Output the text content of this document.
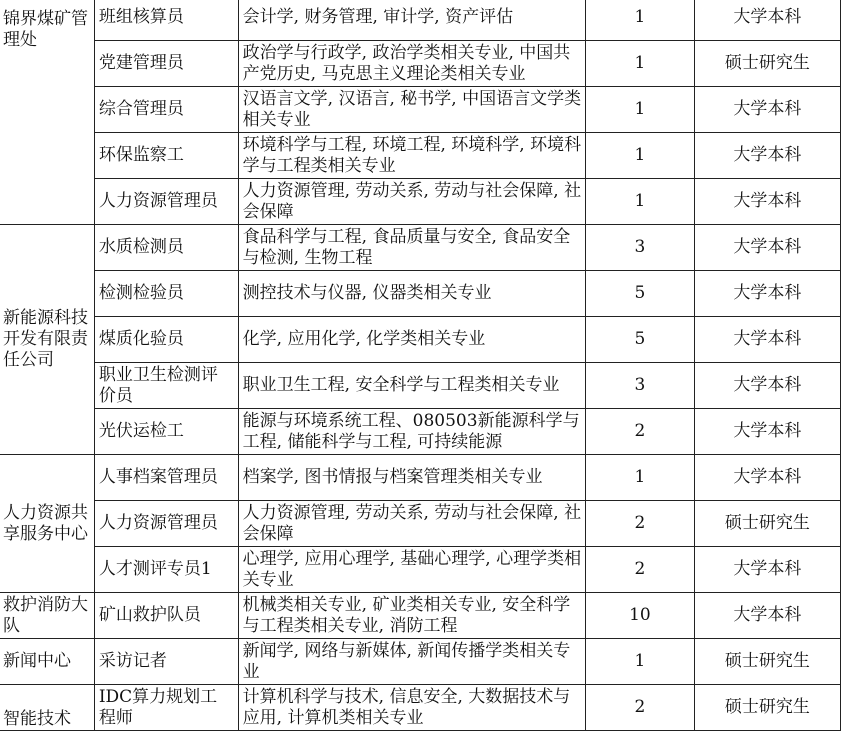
锦界煤矿管理处	班组核算员	会计学, 财务管理, 审计学, 资产评估	1	大学本科
	党建管理员	政治学与行政学, 政治学类相关专业, 中国共产党历史, 马克思主义理论类相关专业	1	硕士研究生
	综合管理员	汉语言文学, 汉语言, 秘书学, 中国语言文学类相关专业	1	大学本科
	环保监察工	环境科学与工程, 环境工程, 环境科学, 环境科学与工程类相关专业	1	大学本科
	人力资源管理员	人力资源管理, 劳动关系, 劳动与社会保障, 社会保障	1	大学本科
新能源科技开发有限责任公司	水质检测员	食品科学与工程, 食品质量与安全, 食品安全与检测, 生物工程	3	大学本科
	检测检验员	测控技术与仪器, 仪器类相关专业	5	大学本科
	煤质化验员	化学, 应用化学, 化学类相关专业	5	大学本科
	职业卫生检测评价员	职业卫生工程, 安全科学与工程类相关专业	3	大学本科
	光伏运检工	能源与环境系统工程、080503新能源科学与工程, 储能科学与工程, 可持续能源	2	大学本科
人力资源共享服务中心	人事档案管理员	档案学, 图书情报与档案管理类相关专业	1	大学本科
	人力资源管理员	人力资源管理, 劳动关系, 劳动与社会保障, 社会保障	2	硕士研究生
	人才测评专员1	心理学, 应用心理学, 基础心理学, 心理学类相关专业	2	大学本科
救护消防大队	矿山救护队员	机械类相关专业, 矿业类相关专业, 安全科学与工程类相关专业, 消防工程	10	大学本科
新闻中心	采访记者	新闻学, 网络与新媒体, 新闻传播学类相关专业	1	硕士研究生
智能技术	IDC算力规划工程师	计算机科学与技术, 信息安全, 大数据技术与应用, 计算机类相关专业	2	硕士研究生
